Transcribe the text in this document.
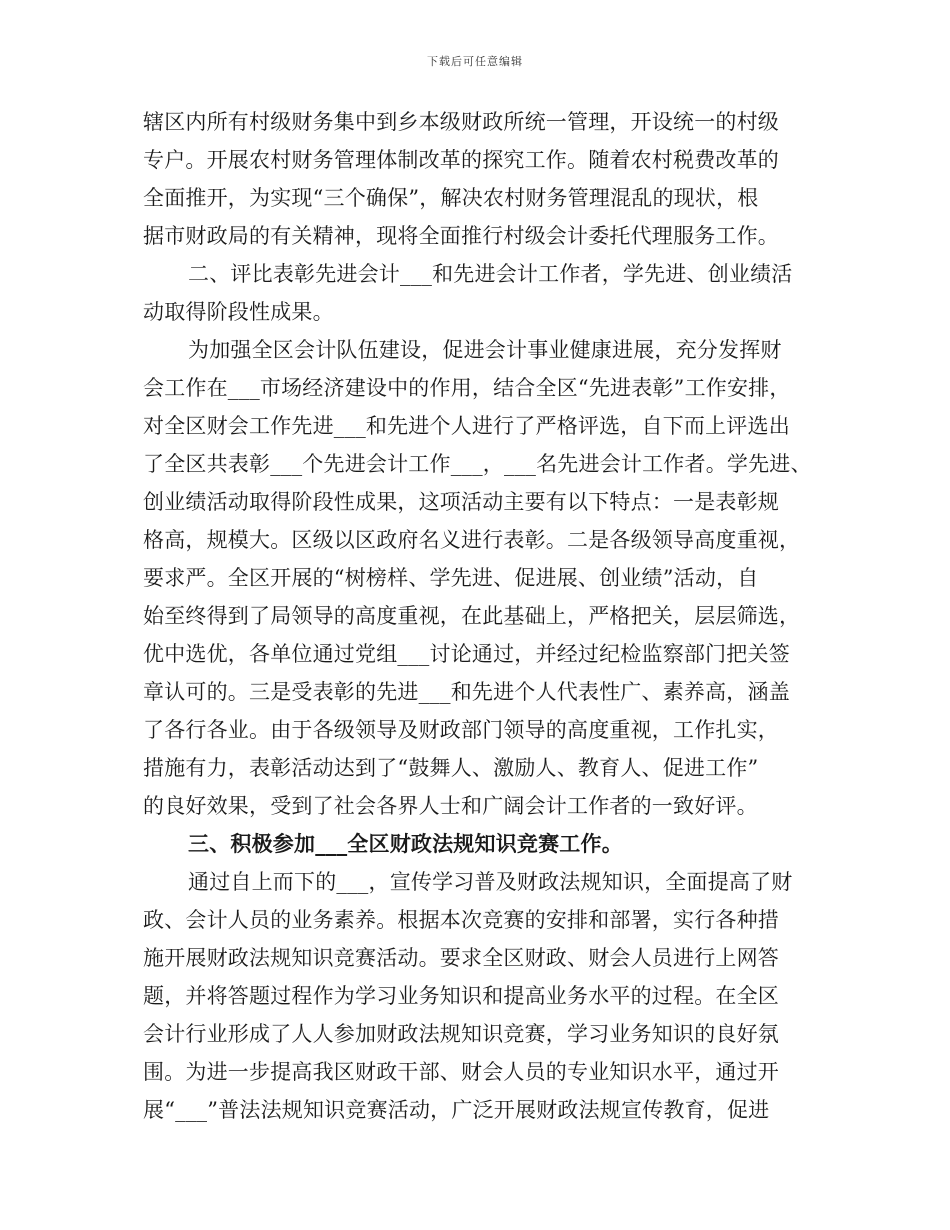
下载后可任意编辑
辖区内所有村级财务集中到乡本级财政所统一管理，开设统一的村级
专户。开展农村财务管理体制改革的探究工作。随着农村税费改革的
全面推开，为实现“三个确保”，解决农村财务管理混乱的现状，根
据市财政局的有关精神，现将全面推行村级会计委托代理服务工作。
二、评比表彰先进会计___和先进会计工作者，学先进、创业绩活
动取得阶段性成果。
为加强全区会计队伍建设，促进会计事业健康进展，充分发挥财
会工作在___市场经济建设中的作用，结合全区“先进表彰”工作安排，
对全区财会工作先进___和先进个人进行了严格评选，自下而上评选出
了全区共表彰___个先进会计工作___，___名先进会计工作者。学先进、
创业绩活动取得阶段性成果，这项活动主要有以下特点：一是表彰规
格高，规模大。区级以区政府名义进行表彰。二是各级领导高度重视，
要求严。全区开展的“树榜样、学先进、促进展、创业绩”活动，自
始至终得到了局领导的高度重视，在此基础上，严格把关，层层筛选，
优中选优，各单位通过党组___讨论通过，并经过纪检监察部门把关签
章认可的。三是受表彰的先进___和先进个人代表性广、素养高，涵盖
了各行各业。由于各级领导及财政部门领导的高度重视，工作扎实，
措施有力，表彰活动达到了“鼓舞人、激励人、教育人、促进工作”
的良好效果，受到了社会各界人士和广阔会计工作者的一致好评。
三、积极参加___全区财政法规知识竞赛工作。
通过自上而下的___，宣传学习普及财政法规知识，全面提高了财
政、会计人员的业务素养。根据本次竞赛的安排和部署，实行各种措
施开展财政法规知识竞赛活动。要求全区财政、财会人员进行上网答
题，并将答题过程作为学习业务知识和提高业务水平的过程。在全区
会计行业形成了人人参加财政法规知识竞赛，学习业务知识的良好氛
围。为进一步提高我区财政干部、财会人员的专业知识水平，通过开
展“___”普法法规知识竞赛活动，广泛开展财政法规宣传教育，促进
